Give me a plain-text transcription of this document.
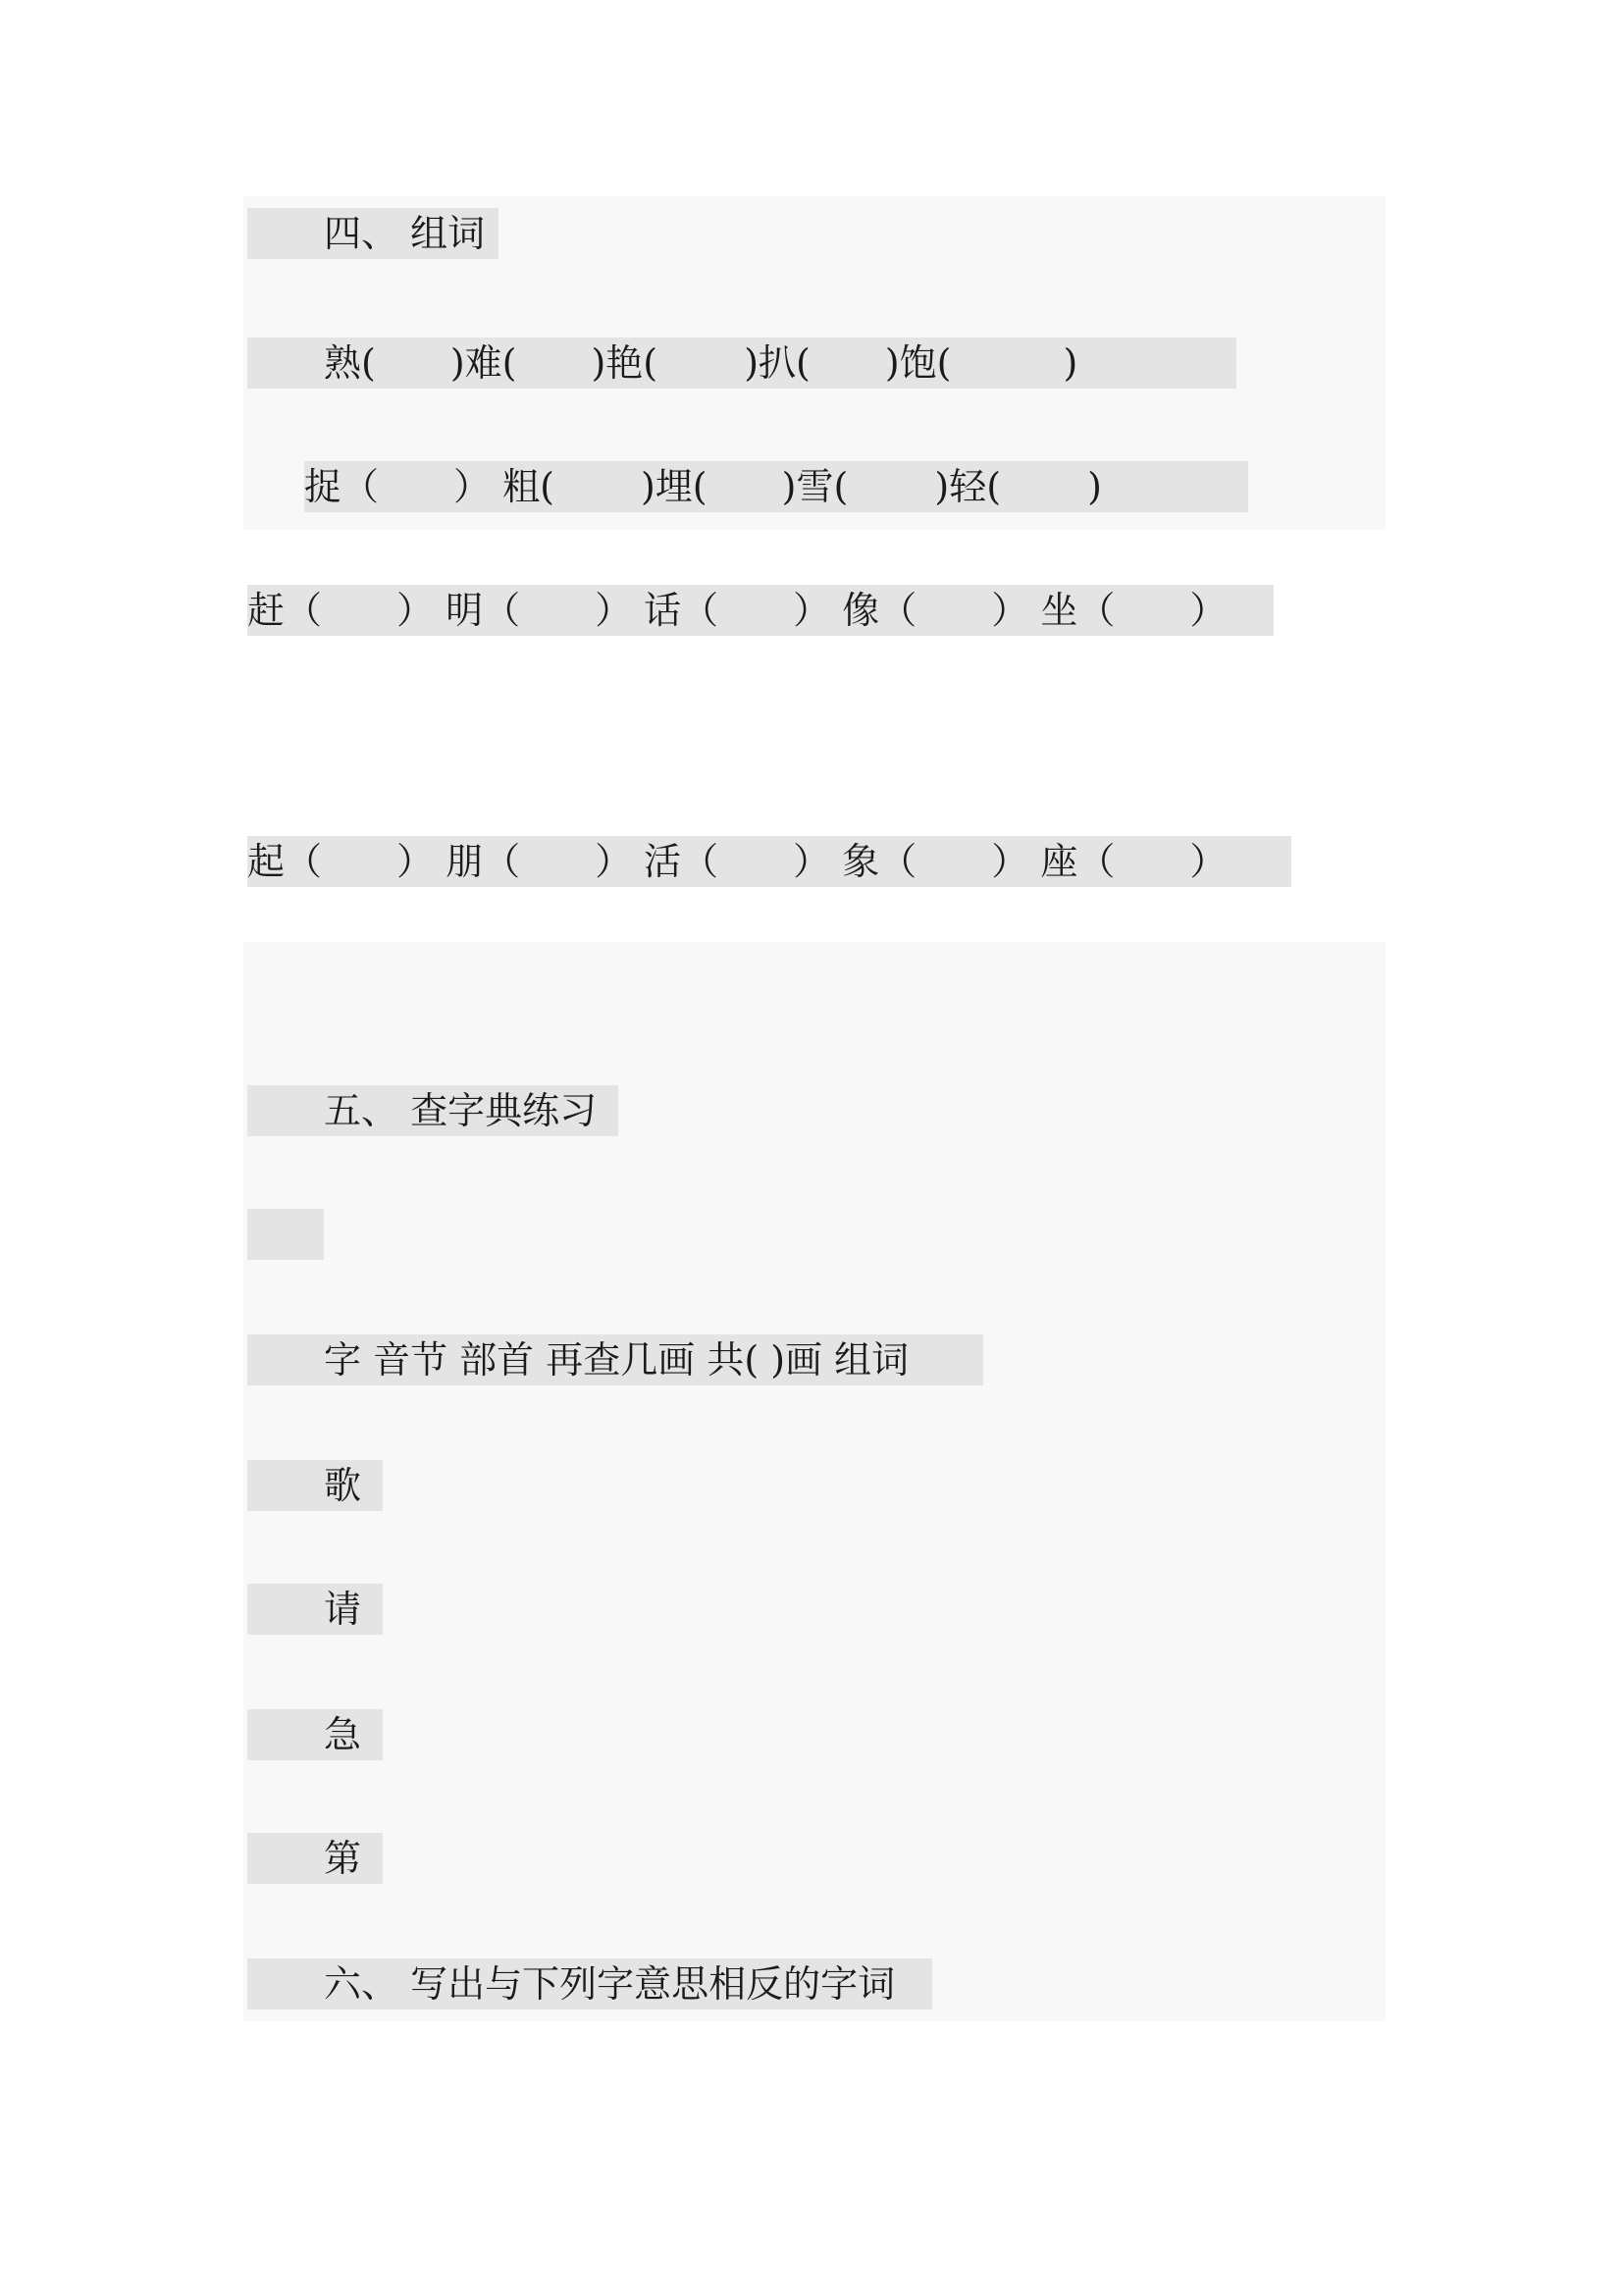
四、 组词
熟(　　)难(　　)艳(　　 )扒(　　)饱(　　　)
捉（　　） 粗(　　 )埋(　　)雪(　　 )轻(　　 )
赶（　　） 明（　　） 话（　　） 像（　　） 坐（　　）
起（　　） 朋（　　） 活（　　） 象（　　） 座（　　）
五、 查字典练习
字 音节 部首 再查几画 共( )画 组词
歌
请
急
第
六、 写出与下列字意思相反的字词
